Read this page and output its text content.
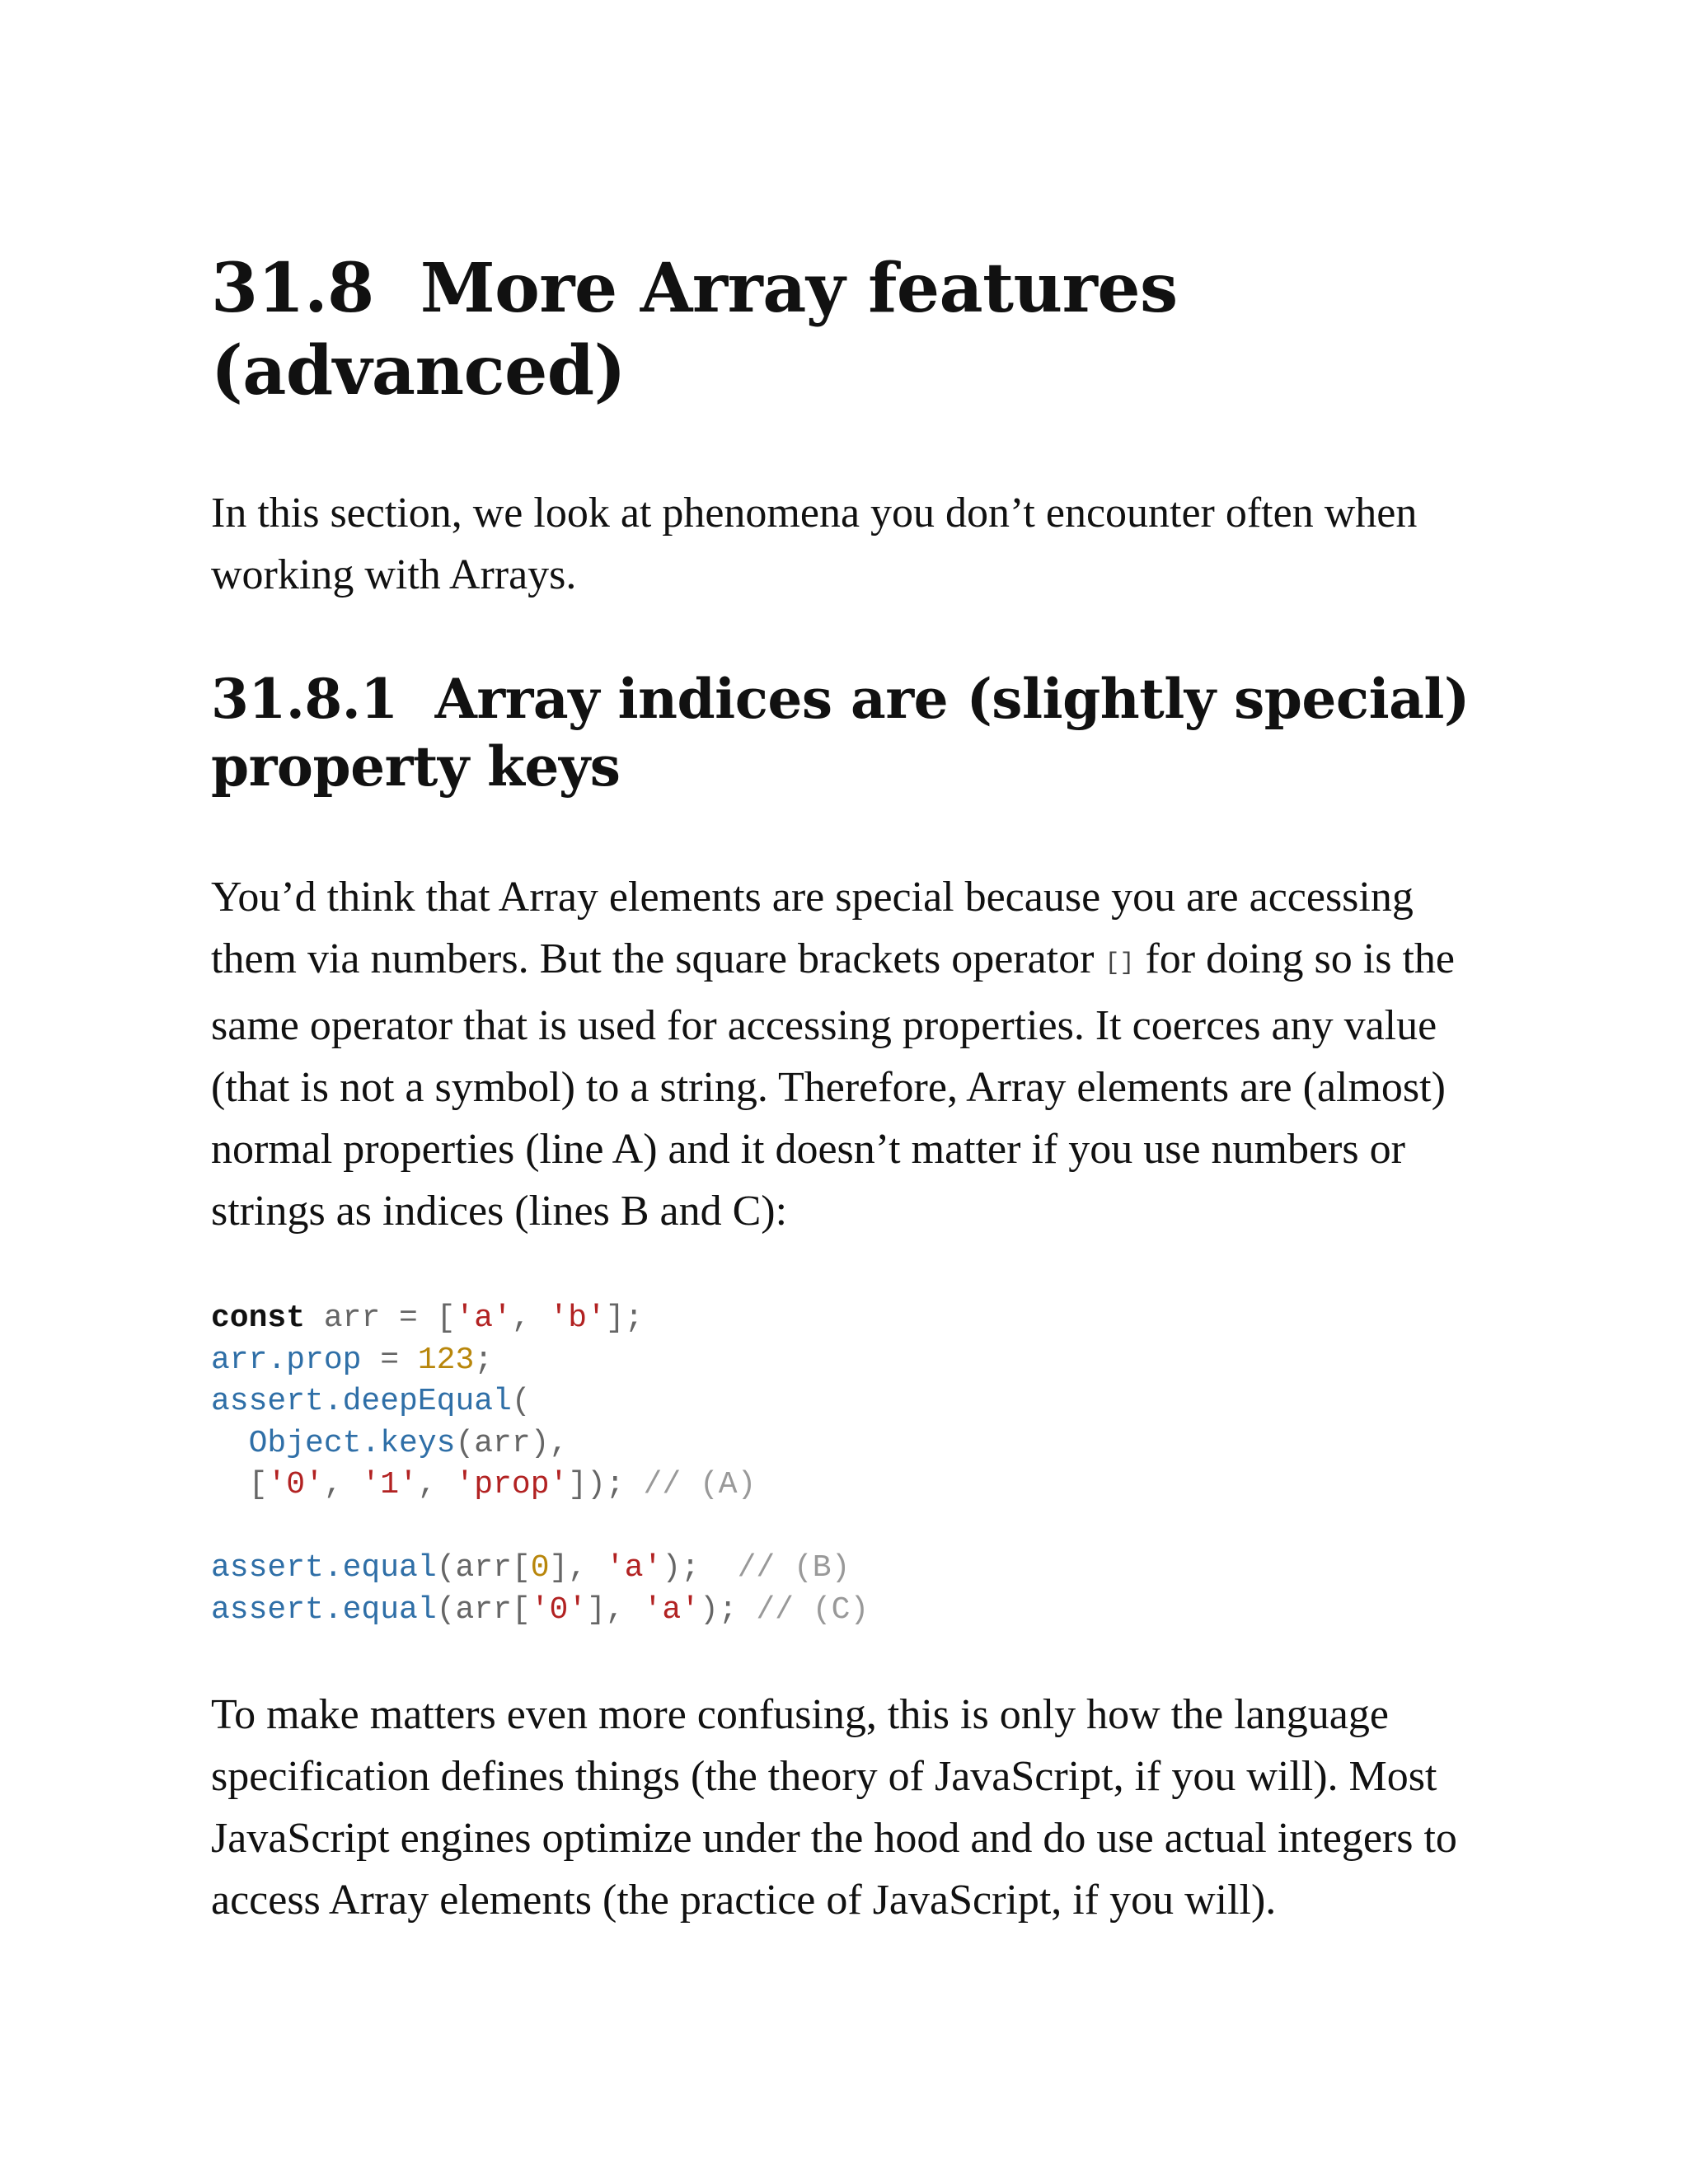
31.8 More Array features
(advanced)

In this section, we look at phenomena you don’t encounter often when working with Arrays.

31.8.1 Array indices are (slightly special)
property keys

You’d think that Array elements are special because you are accessing them via numbers. But the square brackets operator [] for doing so is the same operator that is used for accessing properties. It coerces any value (that is not a symbol) to a string. Therefore, Array elements are (almost) normal properties (line A) and it doesn’t matter if you use numbers or strings as indices (lines B and C):

const arr = ['a', 'b'];
arr.prop = 123;
assert.deepEqual(
Object.keys(arr),
['0', '1', 'prop']); // (A)

assert.equal(arr[0], 'a');  // (B)
assert.equal(arr['0'], 'a'); // (C)

To make matters even more confusing, this is only how the language specification defines things (the theory of JavaScript, if you will). Most JavaScript engines optimize under the hood and do use actual integers to access Array elements (the practice of JavaScript, if you will).
